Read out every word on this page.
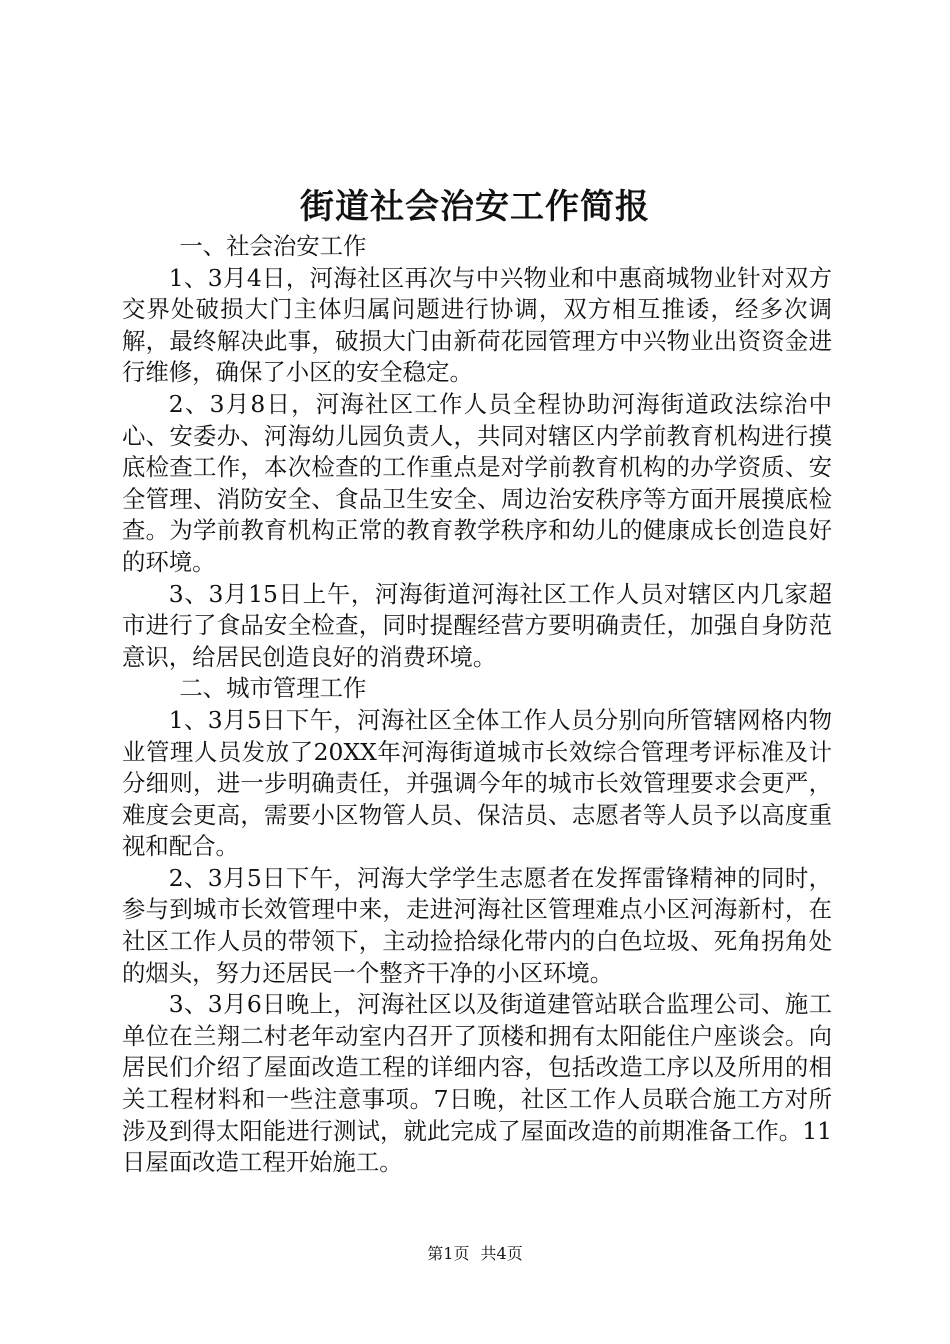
街道社会治安工作简报

一、社会治安工作

1、3月4日，河海社区再次与中兴物业和中惠商城物业针对双方交界处破损大门主体归属问题进行协调，双方相互推诿，经多次调解，最终解决此事，破损大门由新荷花园管理方中兴物业出资资金进行维修，确保了小区的安全稳定。

2、3月8日，河海社区工作人员全程协助河海街道政法综治中心、安委办、河海幼儿园负责人，共同对辖区内学前教育机构进行摸底检查工作，本次检查的工作重点是对学前教育机构的办学资质、安全管理、消防安全、食品卫生安全、周边治安秩序等方面开展摸底检查。为学前教育机构正常的教育教学秩序和幼儿的健康成长创造良好的环境。

3、3月15日上午，河海街道河海社区工作人员对辖区内几家超市进行了食品安全检查，同时提醒经营方要明确责任，加强自身防范意识，给居民创造良好的消费环境。

二、城市管理工作

1、3月5日下午，河海社区全体工作人员分别向所管辖网格内物业管理人员发放了20XX年河海街道城市长效综合管理考评标准及计分细则，进一步明确责任，并强调今年的城市长效管理要求会更严，难度会更高，需要小区物管人员、保洁员、志愿者等人员予以高度重视和配合。

2、3月5日下午，河海大学学生志愿者在发挥雷锋精神的同时，参与到城市长效管理中来，走进河海社区管理难点小区河海新村，在社区工作人员的带领下，主动捡拾绿化带内的白色垃圾、死角拐角处的烟头，努力还居民一个整齐干净的小区环境。

3、3月6日晚上，河海社区以及街道建管站联合监理公司、施工单位在兰翔二村老年动室内召开了顶楼和拥有太阳能住户座谈会。向居民们介绍了屋面改造工程的详细内容，包括改造工序以及所用的相关工程材料和一些注意事项。7日晚，社区工作人员联合施工方对所涉及到得太阳能进行测试，就此完成了屋面改造的前期准备工作。11日屋面改造工程开始施工。

第1页 共4页
